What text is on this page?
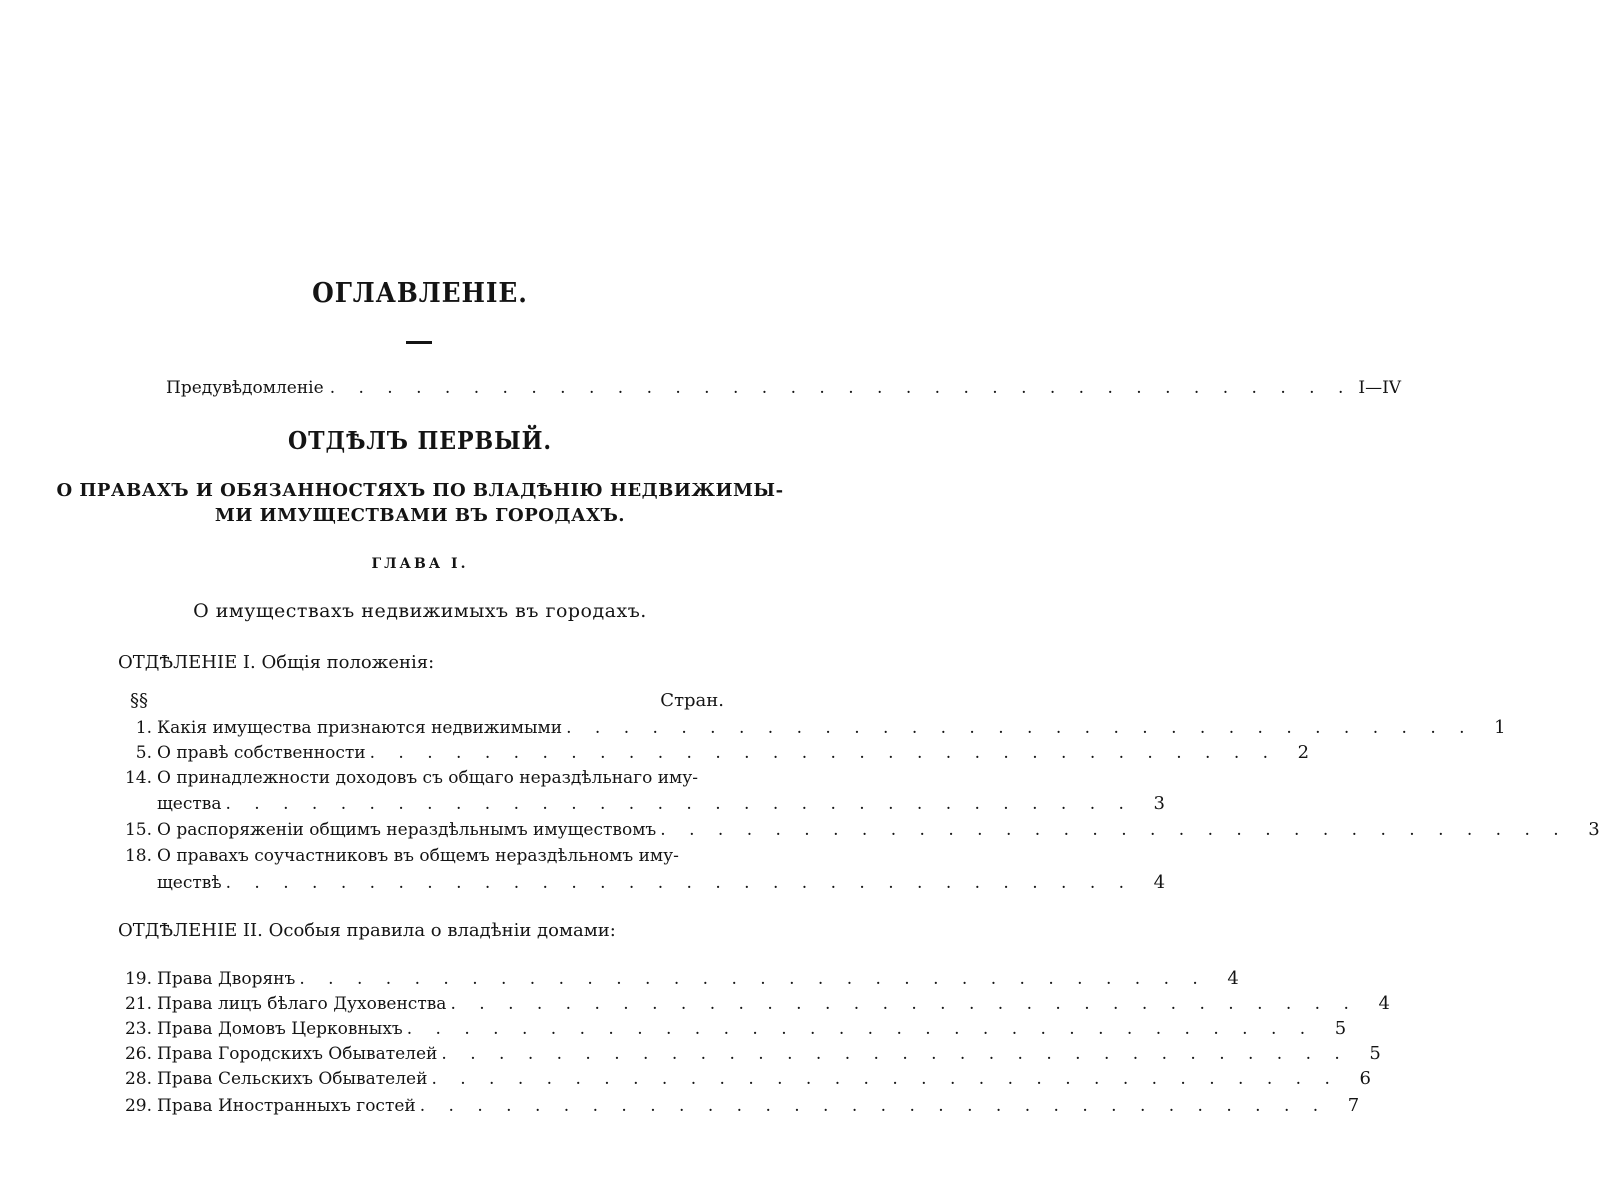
ОГЛАВЛЕНІЕ.
Предувѣдомленіе . . . . . . . . . . . . . . . . . . . . . . . . . . . . . . . . . . . . I—IV
ОТДѢЛЪ ПЕРВЫЙ.
О ПРАВАХЪ И ОБЯЗАННОСТЯХЪ ПО ВЛАДѢНІЮ НЕДВИЖИМЫ-
МИ ИМУЩЕСТВАМИ ВЪ ГОРОДАХЪ.
ГЛАВА I.
О имуществахъ недвижимыхъ въ городахъ.
ОТДѢЛЕНІЕ I. Общія положенія:
§§	Стран.
1. Какія имущества признаются недвижимыми . . . . . . . . . . . . . . . . . . . . . . . . . . . . . . . .	1
5. О правѣ собственности . . . . . . . . . . . . . . . . . . . . . . . . . . . . . . . .	2
14. О принадлежности доходовъ съ общаго нераздѣльнаго иму-
щества . . . . . . . . . . . . . . . . . . . . . . . . . . . . . . . .	3
15. О распоряженіи общимъ нераздѣльнымъ имуществомъ . . . . . . . . . . . . . . . . . . . . . . . . . . . . . . . .	3
18. О правахъ соучастниковъ въ общемъ нераздѣльномъ иму-
ществѣ . . . . . . . . . . . . . . . . . . . . . . . . . . . . . . . .	4
ОТДѢЛЕНІЕ II. Особыя правила о владѣніи домами:
19. Права Дворянъ . . . . . . . . . . . . . . . . . . . . . . . . . . . . . . . .	4
21. Права лицъ бѣлаго Духовенства . . . . . . . . . . . . . . . . . . . . . . . . . . . . . . . .	4
23. Права Домовъ Церковныхъ . . . . . . . . . . . . . . . . . . . . . . . . . . . . . . . .	5
26. Права Городскихъ Обывателей . . . . . . . . . . . . . . . . . . . . . . . . . . . . . . . .	5
28. Права Сельскихъ Обывателей . . . . . . . . . . . . . . . . . . . . . . . . . . . . . . . .	6
29. Права Иностранныхъ гостей . . . . . . . . . . . . . . . . . . . . . . . . . . . . . . . .	7
